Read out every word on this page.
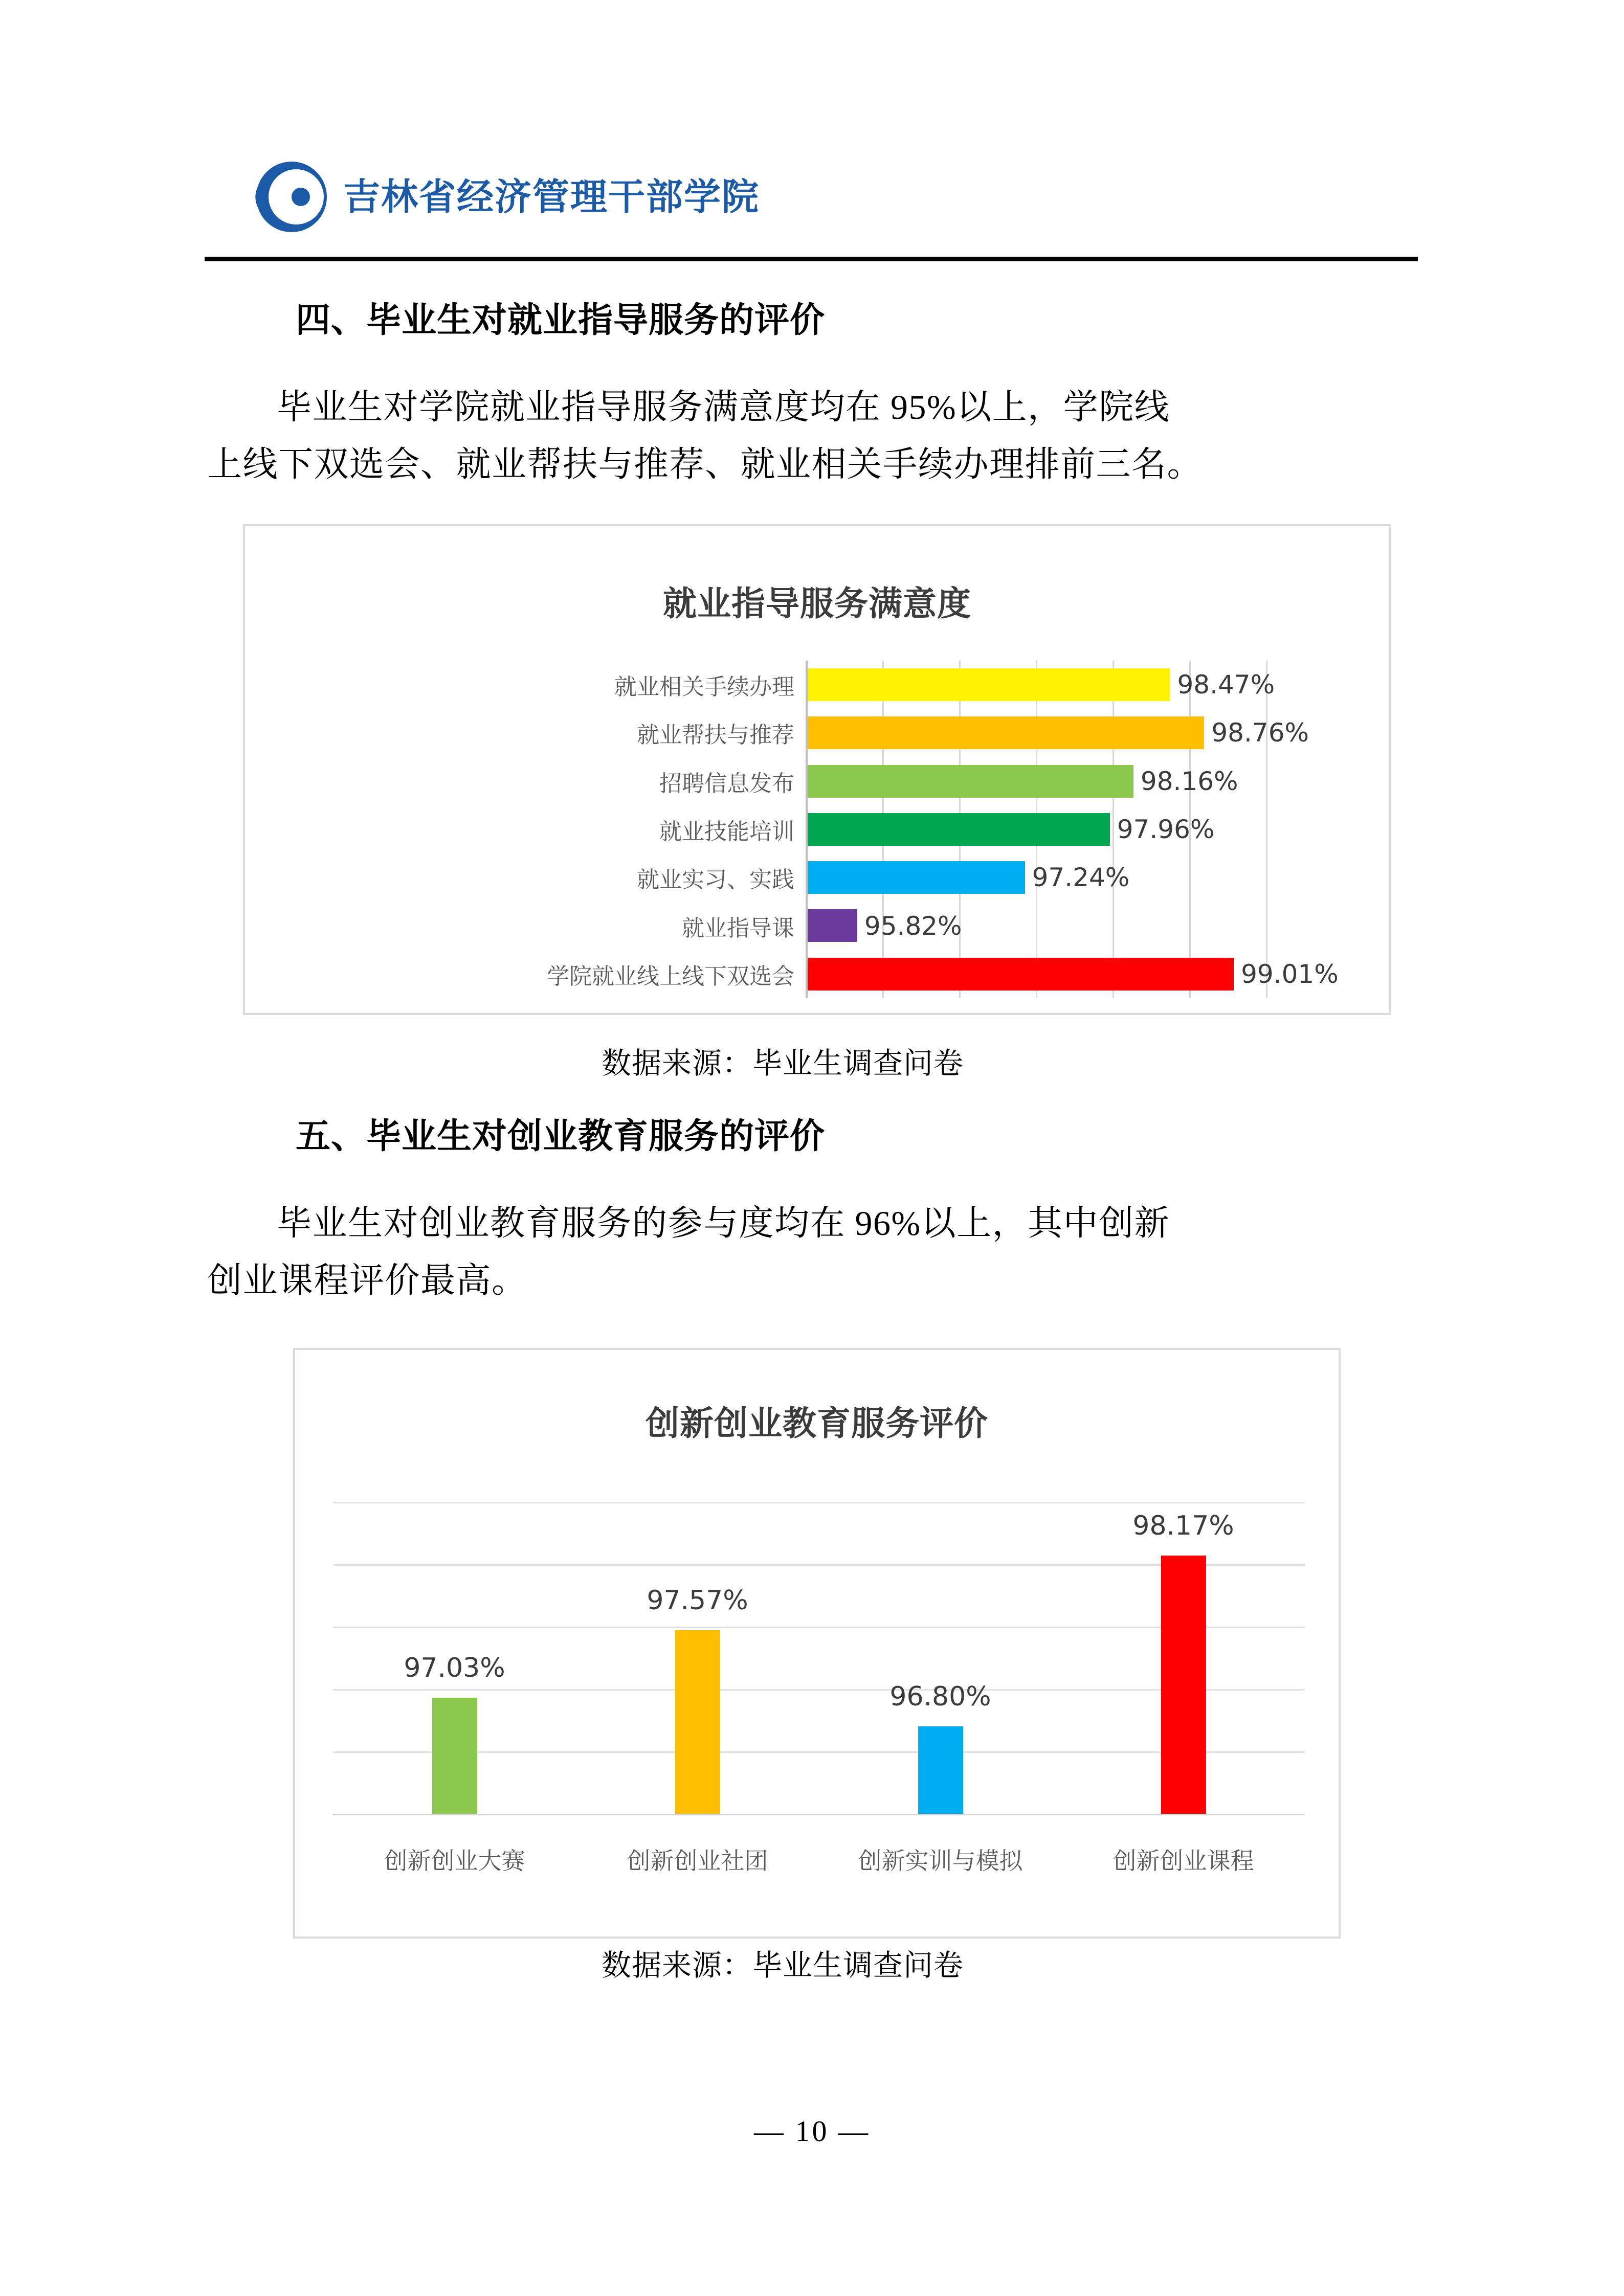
吉林省经济管理干部学院
四、毕业生对就业指导服务的评价
毕业生对学院就业指导服务满意度均在 95%以上，学院线
上线下双选会、就业帮扶与推荐、就业相关手续办理排前三名。
就业指导服务满意度
就业相关手续办理	98.47%
就业帮扶与推荐	98.76%
招聘信息发布	98.16%
就业技能培训	97.96%
就业实习、实践	97.24%
就业指导课	95.82%
学院就业线上线下双选会	99.01%
数据来源：毕业生调查问卷
五、毕业生对创业教育服务的评价
毕业生对创业教育服务的参与度均在 96%以上，其中创新
创业课程评价最高。
创新创业教育服务评价
97.03%
创新创业大赛
97.57%
创新创业社团
96.80%
创新实训与模拟
98.17%
创新创业课程
数据来源：毕业生调查问卷
— 10 —
